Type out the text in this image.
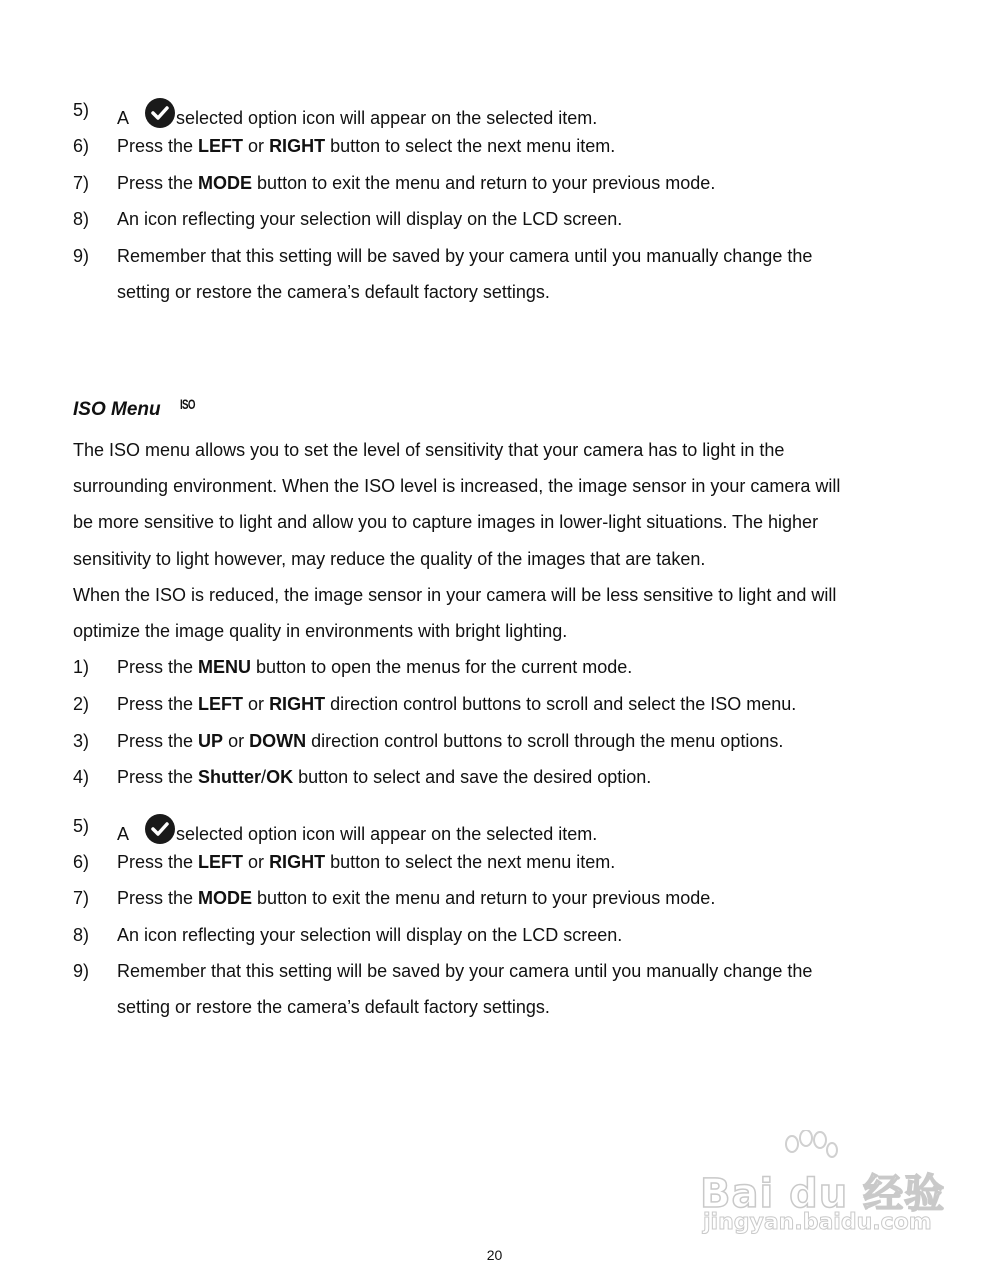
5) A
selected option icon will appear on the selected item.
6) Press the LEFT or RIGHT button to select the next menu item.
7) Press the MODE button to exit the menu and return to your previous mode.
8) An icon reflecting your selection will display on the LCD screen.
9) Remember that this setting will be saved by your camera until you manually change the
setting or restore the camera’s default factory settings.
ISO Menu ISO
The ISO menu allows you to set the level of sensitivity that your camera has to light in the
surrounding environment. When the ISO level is increased, the image sensor in your camera will
be more sensitive to light and allow you to capture images in lower-light situations. The higher
sensitivity to light however, may reduce the quality of the images that are taken.
When the ISO is reduced, the image sensor in your camera will be less sensitive to light and will
optimize the image quality in environments with bright lighting.
1) Press the MENU button to open the menus for the current mode.
2) Press the LEFT or RIGHT direction control buttons to scroll and select the ISO menu.
3) Press the UP or DOWN direction control buttons to scroll through the menu options.
4) Press the Shutter/OK button to select and save the desired option.
5) A
selected option icon will appear on the selected item.
6) Press the LEFT or RIGHT button to select the next menu item.
7) Press the MODE button to exit the menu and return to your previous mode.
8) An icon reflecting your selection will display on the LCD screen.
9) Remember that this setting will be saved by your camera until you manually change the
setting or restore the camera’s default factory settings.
Bai du 经验
jingyan.baidu.com
20
